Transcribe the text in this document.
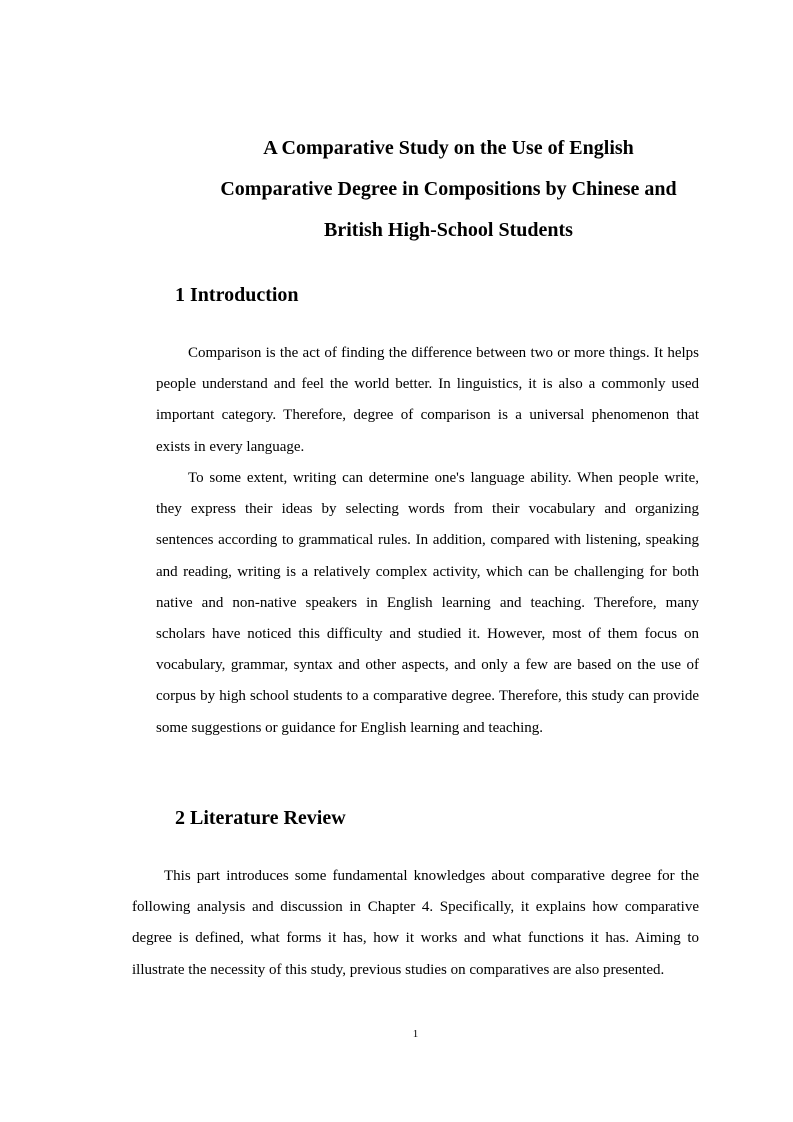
A Comparative Study on the Use of English
Comparative Degree in Compositions by Chinese and
British High-School Students
1 Introduction

Comparison is the act of finding the difference between two or more things. It helps people understand and feel the world better. In linguistics, it is also a commonly used important category. Therefore, degree of comparison is a universal phenomenon that exists in every language.

To some extent, writing can determine one's language ability. When people write, they express their ideas by selecting words from their vocabulary and organizing sentences according to grammatical rules. In addition, compared with listening, speaking and reading, writing is a relatively complex activity, which can be challenging for both native and non-native speakers in English learning and teaching. Therefore, many scholars have noticed this difficulty and studied it. However, most of them focus on vocabulary, grammar, syntax and other aspects, and only a few are based on the use of corpus by high school students to a comparative degree. Therefore, this study can provide some suggestions or guidance for English learning and teaching.

2 Literature Review

This part introduces some fundamental knowledges about comparative degree for the following analysis and discussion in Chapter 4. Specifically, it explains how comparative degree is defined, what forms it has, how it works and what functions it has. Aiming to illustrate the necessity of this study, previous studies on comparatives are also presented.

1
